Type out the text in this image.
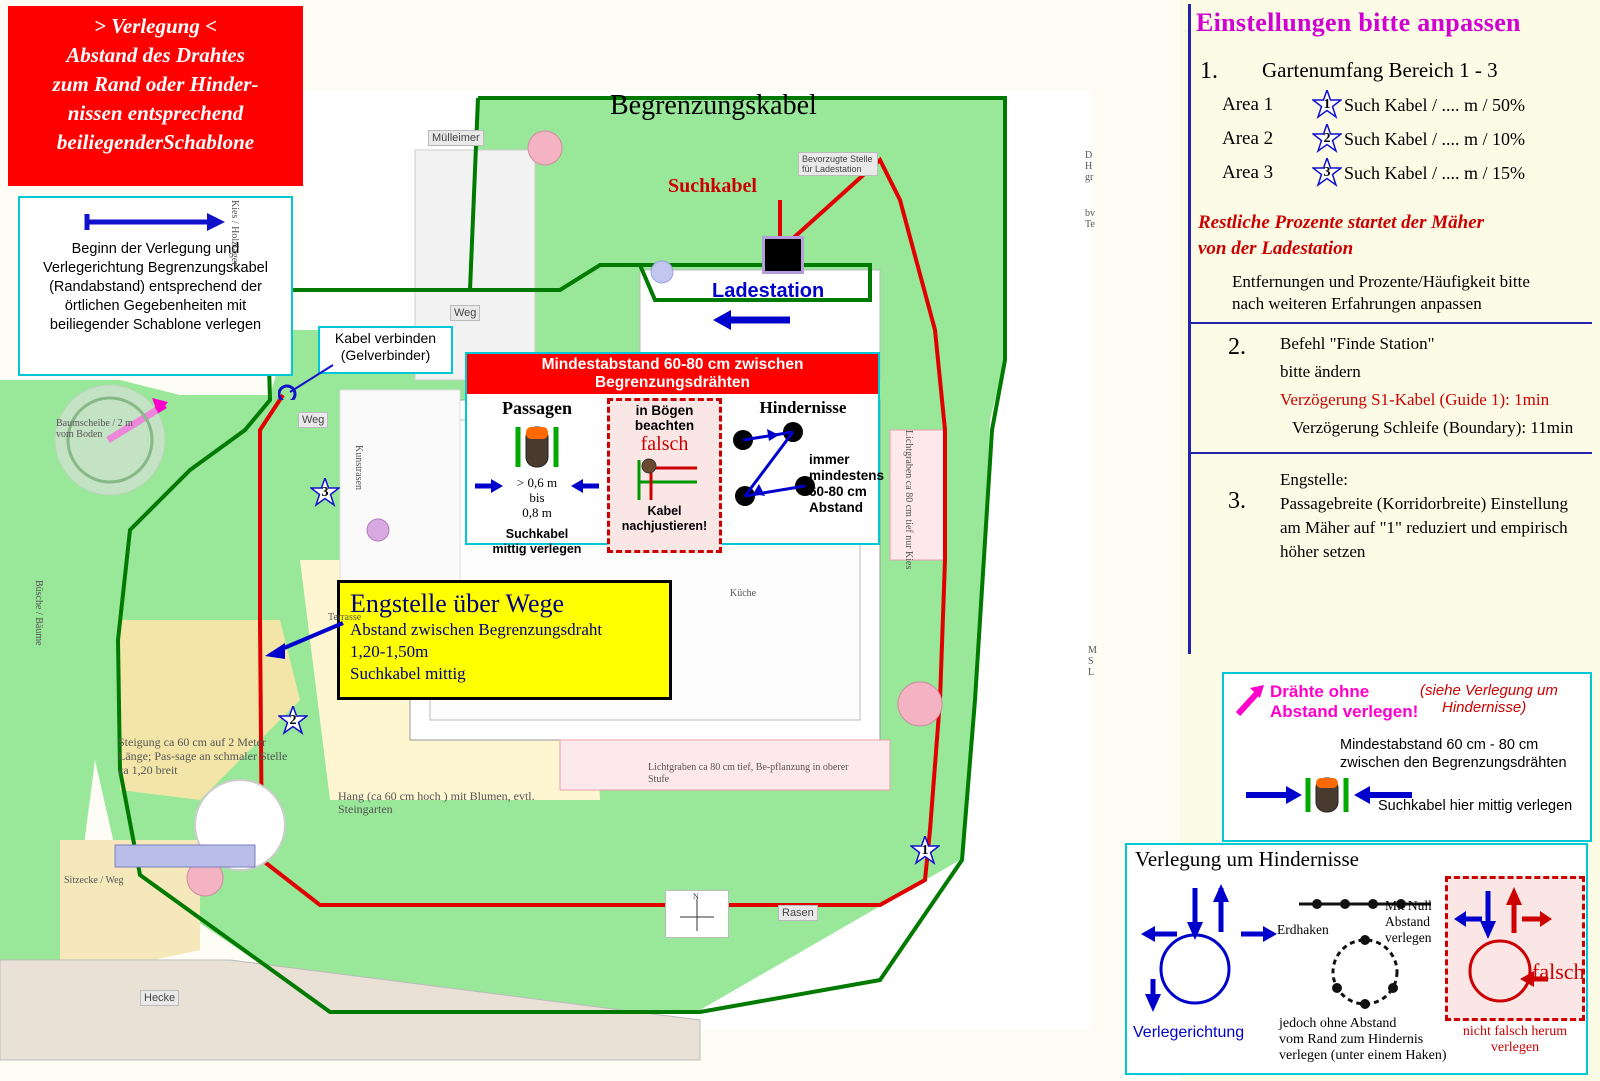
Ladestation
Begrenzungskabel
Suchkabel
> Verlegung <
Abstand des Drahtes
zum Rand oder Hinder-
nissen entsprechend
beiliegenderSchablone
Beginn der Verlegung und Verlegerichtung Begrenzungskabel (Randabstand) entsprechend der örtlichen Gegebenheiten mit beiliegender Schablone verlegen
Kabel verbinden
(Gelverbinder)
Engstelle über Wege
Abstand zwischen Begrenzungsdraht
1,20-1,50m
Suchkabel mittig
Mindestabstand 60-80 cm zwischen Begrenzungsdrähten
Passagen
> 0,6 m
bis
0,8 m
Suchkabel
mittig verlegen
in Bögen
beachten
falsch
Kabel
nachjustieren!
Hindernisse
immer
mindestens
60-80 cm
Abstand
1

2

3
Mülleimer
Kies / Holzlager
Weg
Weg
Bevorzugte Stelle für Ladestation
Baumscheibe / 2 m vom Boden
Büsche / Bäume
Kunstrasen
Steigung ca 60 cm auf 2 Meter Länge; Pas-sage an schmaler Stelle ca 1,20 breit
Hang (ca 60 cm hoch ) mit Blumen, evtl. Steingarten
Lichtgraben ca 80 cm tief, Be-pflanzung in oberer Stufe
Lichtgraben ca 80 cm tief nur Kies
Sitzecke / Weg
Hecke
Rasen
Terrasse
Küche
M S L
D H gr
bv Te
N
Einstellungen bitte anpassen
1. Gartenumfang Bereich 1 - 3
Area 1	1 Such Kabel / .... m / 50%
Area 2	2 Such Kabel / .... m / 10%
Area 3	3 Such Kabel / .... m / 15%
Restliche Prozente startet der Mäher
von der Ladestation
Entfernungen und Prozente/Häufigkeit bitte
nach weiteren Erfahrungen anpassen
2. Befehl "Finde Station"
bitte ändern
Verzögerung S1-Kabel (Guide 1): 1min
Verzögerung Schleife (Boundary): 11min
3.
Engstelle:
Passagebreite (Korridorbreite) Einstellung
am Mäher auf "1" reduziert und empirisch
höher setzen
Drähte ohne
Abstand verlegen!
(siehe Verlegung um
Hindernisse)
Mindestabstand 60 cm - 80 cm
zwischen den Begrenzungsdrähten
Suchkabel hier mittig verlegen
Verlegung um Hindernisse
Verlegerichtung
Erdhaken
Mit Null
Abstand
verlegen
jedoch ohne Abstand
vom Rand zum Hindernis
verlegen (unter einem Haken)
falsch
nicht falsch herum
verlegen
